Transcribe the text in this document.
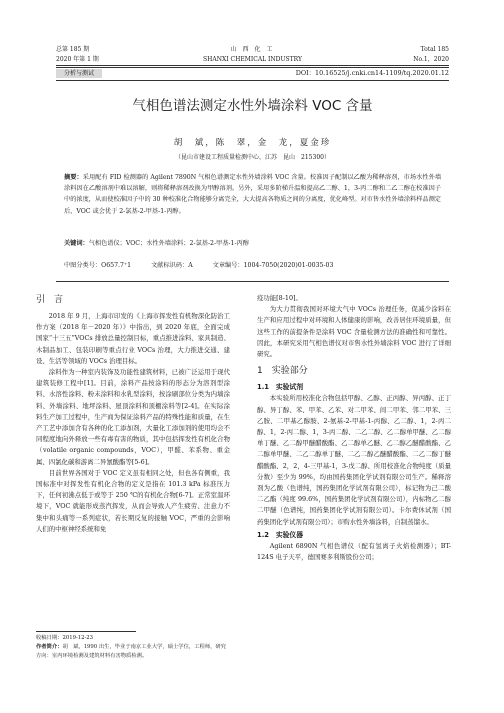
总第 185 期	山 西 化 工	Total 185
2020 年第 1 期	SHANXI CHEMICAL INDUSTRY	No.1，2020
分析与测试	DOI：10.16525/j.cnki.cn14-1109/tq.2020.01.12
气相色谱法测定水性外墙涂料 VOC 含量
胡　斌，陈　翠，金　龙，夏金珍
（昆山市建设工程质量检测中心，江苏　昆山　215300）
摘要：采用配有 FID 检测器的 Agilent 7890N 气相色谱测定水性外墙涂料 VOC 含量。校准因子配制以乙酸为稀释溶剂，市场水性外墙涂料因在乙酸溶剂中难以溶解，则将稀释溶剂改换为甲醇溶剂。另外，采用多阶梯升温和提高乙二醇、1，3-丙二醇和二乙二醇在校准因子中的浓度，从而使校准因子中的 30 种校准化合物能够分离完全，大大提高各物质之间的分离度，优化峰型。对市售水性外墙涂料样品测定后，VOC 或会优于 2-氯基-2-甲基-1-丙醇。
关键词：气相色谱仪；VOC；水性外墙涂料；2-氯基-2-甲基-1-丙醇
中图分类号：O657.7⁺1	文献标识码：A	文章编号：1004-7050(2020)01-0035-03
引　言

2018 年 9 月，上海市印发的《上海市挥发性有机物深化防治工作方案（2018 年－2020 年）》中指出，到 2020 年底，全面完成国家“十三五”VOCs 排放总量控制目标，重点推进涂料、家具制造、木制品加工、包装印刷等重点行业 VOCs 治理，大力推进交通、建设、生活等领域的 VOCs 治理目标。

涂料作为一种室内装饰及功能性建筑材料，已被广泛运用于现代建筑装修工程中[1]。目前，涂料产品按涂料的形态分为溶剂型涂料、水溶性涂料、粉末涂料和水乳型涂料，按涂刷部位分类为内墙涂料、外墙涂料、地坪涂料、屋顶涂料和顶棚涂料等[2-4]。在实际涂料生产加工过程中，生产商为保证涂料产品的特殊性能和质量，在生产工艺中添加含有各种的化工添加剂，大量化工添加剂的使用均会不同程度地向外释放一些有毒有害的物质，其中包括挥发性有机化合物（volatile organic compounds，VOC），甲醛、苯系物、重金属、四氯化碳和游离二异氰酸酯等[5-6]。

目前世界各国对于 VOC 定义虽有相同之处，但也各有侧重，我国标准中对挥发性有机化合物的定义是指在 101.3 kPa 标准压力下，任何初沸点低于或等于 250 ℃的有机化合物[6-7]。正常室温环境下，VOC 就能形成蒸汽挥发，从而会导致人产生疲劳、注意力不集中和头痛等一系列症状，若长期反复的接触 VOC，严重的会影响人们的中枢神经系统和免

疫功能[8-10]。

为大力贯彻我国对环境大气中 VOCs 治理任务，促减少涂料在生产和应用过程中对环境和人体健康的影响，改善居住环境质量，但这些工作的前提条件是涂料 VOC 含量检测方法的准确性和可靠性。因此，本研究采用气相色谱仪对市售水性外墙涂料 VOC 进行了详细研究。

1　实验部分
1.1　实验试剂

本实验所用校准化合物包括甲醇、乙醇、正丙醇、异丙醇、正丁醇、异丁醇、苯、甲苯、乙苯、对二甲苯、间二甲苯、邻二甲苯、三乙胺、二甲基乙醇胺、2-氨基-2-甲基-1-丙醇、乙二醇、1，2-丙二醇、1，2-丙二醇、1，3-丙二醇、二乙二醇、乙二醇单甲醚、乙二醇单丁醚、乙二醇甲醚醋酸酯、乙二醇单乙醚、乙二醇乙醚醋酸酯、乙二醇单甲醚、二乙二醇单丁醚、二乙二醇乙醚醋酸酯、二乙二醇丁醚醋酸酯、2，2，4-三甲基-1，3-戊二醇、所用校准化合物纯度（质量分数）至少为 99%，均由国药集团化学试剂有限公司生产。稀释溶剂为乙酸（色谱纯，国药集团化学试剂有限公司），标记物为己二酸二乙酯（纯度 99.6%，国药集团化学试剂有限公司），内标物乙二醇二甲醚（色谱纯，国药集团化学试剂有限公司）。卡尔费休试剂（国药集团化学试剂有限公司）；市购水性外墙涂料，自制蒸馏水。

1.2　实验仪器

Agilent 6890N 气相色谱仪（配有氢离子火焰检测器）；BT-124S 电子天平，德国赛多利斯股份公司；

收稿日期：2019-12-23
作者简介：胡　斌，1990 出生，毕业于南京工业大学，硕士学位，工程师，研究方向：室内环境检测及建筑材料有害物质检测。
